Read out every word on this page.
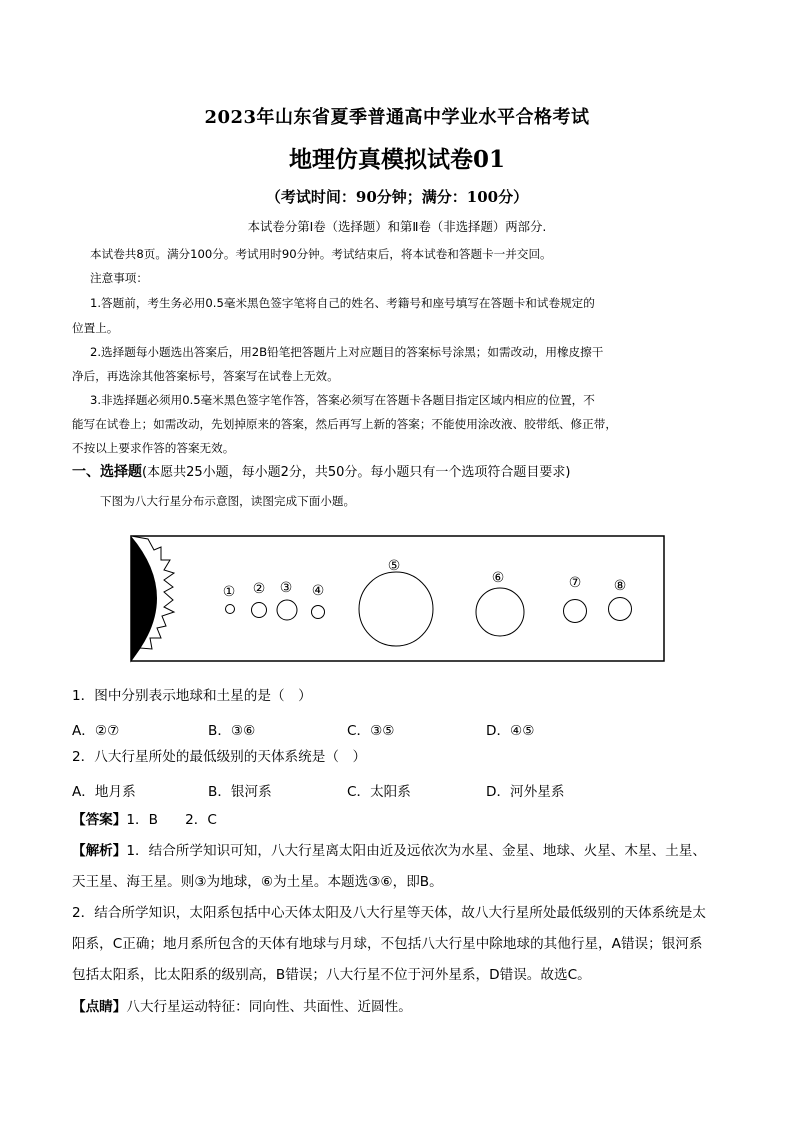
2023年山东省夏季普通高中学业水平合格考试
地理仿真模拟试卷01
（考试时间：90分钟；满分：100分）
本试卷分第Ⅰ卷（选择题）和第Ⅱ卷（非选择题）两部分.
本试卷共8页。满分100分。考试用时90分钟。考试结束后，将本试卷和答题卡一并交回。
注意事项：
1.答题前，考生务必用0.5毫米黑色签字笔将自己的姓名、考籍号和座号填写在答题卡和试卷规定的
位置上。
2.选择题每小题选出答案后，用2B铅笔把答题片上对应题目的答案标号涂黑；如需改动，用橡皮擦干
净后，再选涂其他答案标号，答案写在试卷上无效。
3.非选择题必须用0.5毫米黑色签字笔作答，答案必须写在答题卡各题目指定区域内相应的位置，不
能写在试卷上；如需改动，先划掉原来的答案，然后再写上新的答案；不能使用涂改液、胶带纸、修正带，
不按以上要求作答的答案无效。
一、选择题(本愿共25小题，每小题2分，共50分。每小题只有一个选项符合题目要求)
下图为八大行星分布示意图，读图完成下面小题。
① ② ③ ④
⑤
⑥	⑦ ⑧
1．图中分别表示地球和土星的是（　）
A．②⑦	B．③⑥	C．③⑤	D．④⑤
2．八大行星所处的最低级别的天体系统是（　）
A．地月系	B．银河系	C．太阳系	D．河外星系
【答案】1．B　　2．C
【解析】1．结合所学知识可知，八大行星离太阳由近及远依次为水星、金星、地球、火星、木星、土星、
天王星、海王星。则③为地球，⑥为土星。本题选③⑥，即B。
2．结合所学知识，太阳系包括中心天体太阳及八大行星等天体，故八大行星所处最低级别的天体系统是太
阳系，C正确；地月系所包含的天体有地球与月球，不包括八大行星中除地球的其他行星，A错误；银河系
包括太阳系，比太阳系的级别高，B错误；八大行星不位于河外星系，D错误。故选C。
【点睛】八大行星运动特征：同向性、共面性、近圆性。
